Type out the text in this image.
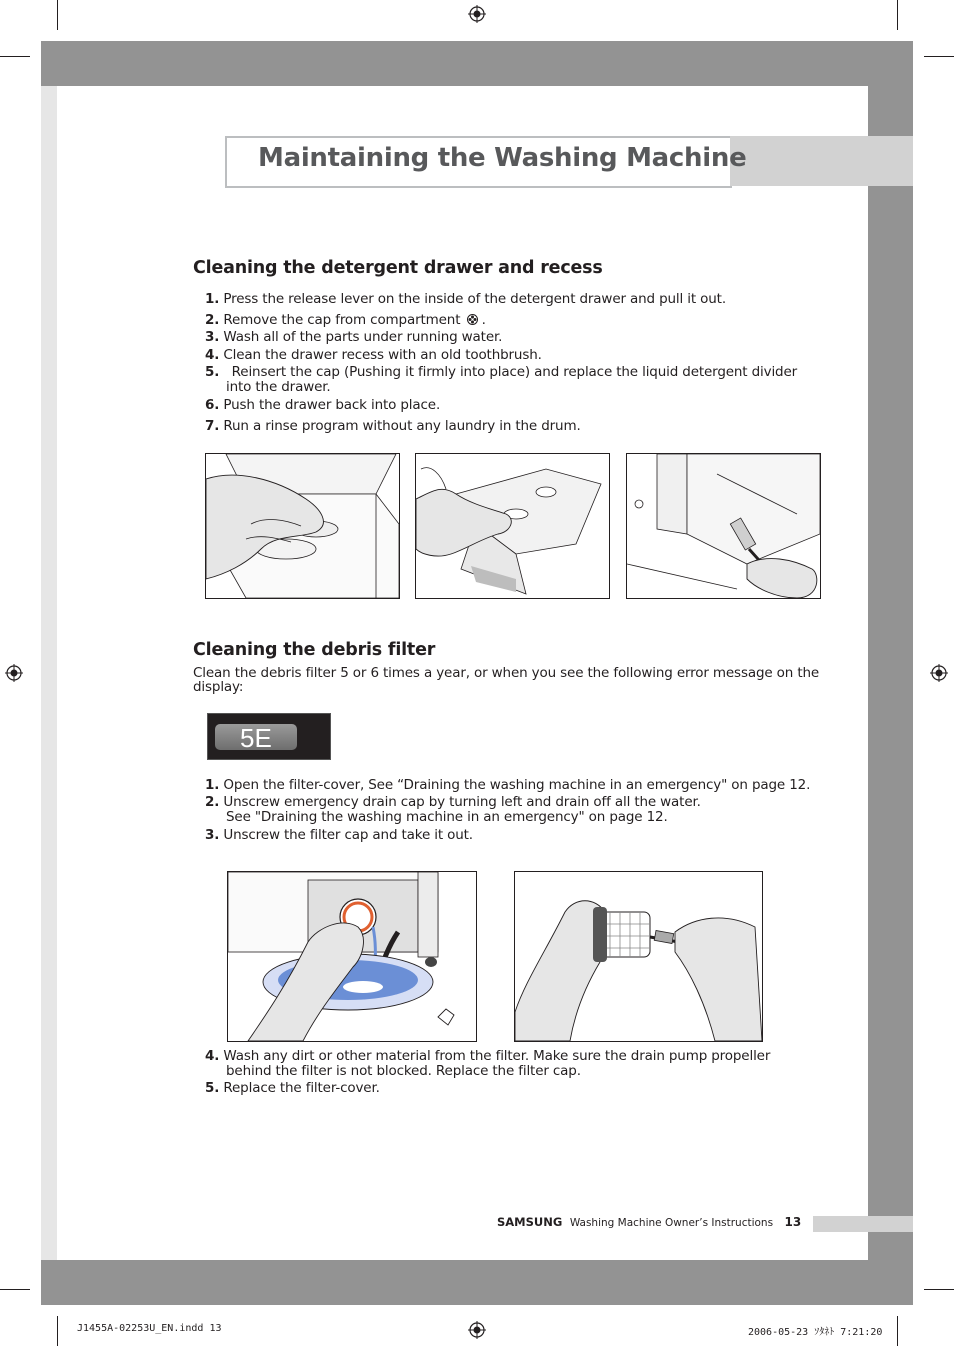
Maintaining the Washing Machine
Cleaning the detergent drawer and recess
1. Press the release lever on the inside of the detergent drawer and pull it out.
2. Remove the cap from compartment  .
3. Wash all of the parts under running water.
4. Clean the drawer recess with an old toothbrush.
5. Reinsert the cap (Pushing it firmly into place) and replace the liquid detergent divider
into the drawer.
6. Push the drawer back into place.
7. Run a rinse program without any laundry in the drum.
Cleaning the debris filter
Clean the debris filter 5 or 6 times a year, or when you see the following error message on the
display:
5E
1. Open the filter-cover, See “Draining the washing machine in an emergency" on page 12.
2. Unscrew emergency drain cap by turning left and drain off all the water.
See "Draining the washing machine in an emergency" on page 12.
3. Unscrew the filter cap and take it out.
4. Wash any dirt or other material from the filter. Make sure the drain pump propeller
behind the filter is not blocked. Replace the filter cap.
5. Replace the filter-cover.
SAMSUNG Washing Machine Owner’s Instructions 13
J1455A-02253U_EN.indd 13	2006-05-23 ｿﾀﾈﾄ 7:21:20
